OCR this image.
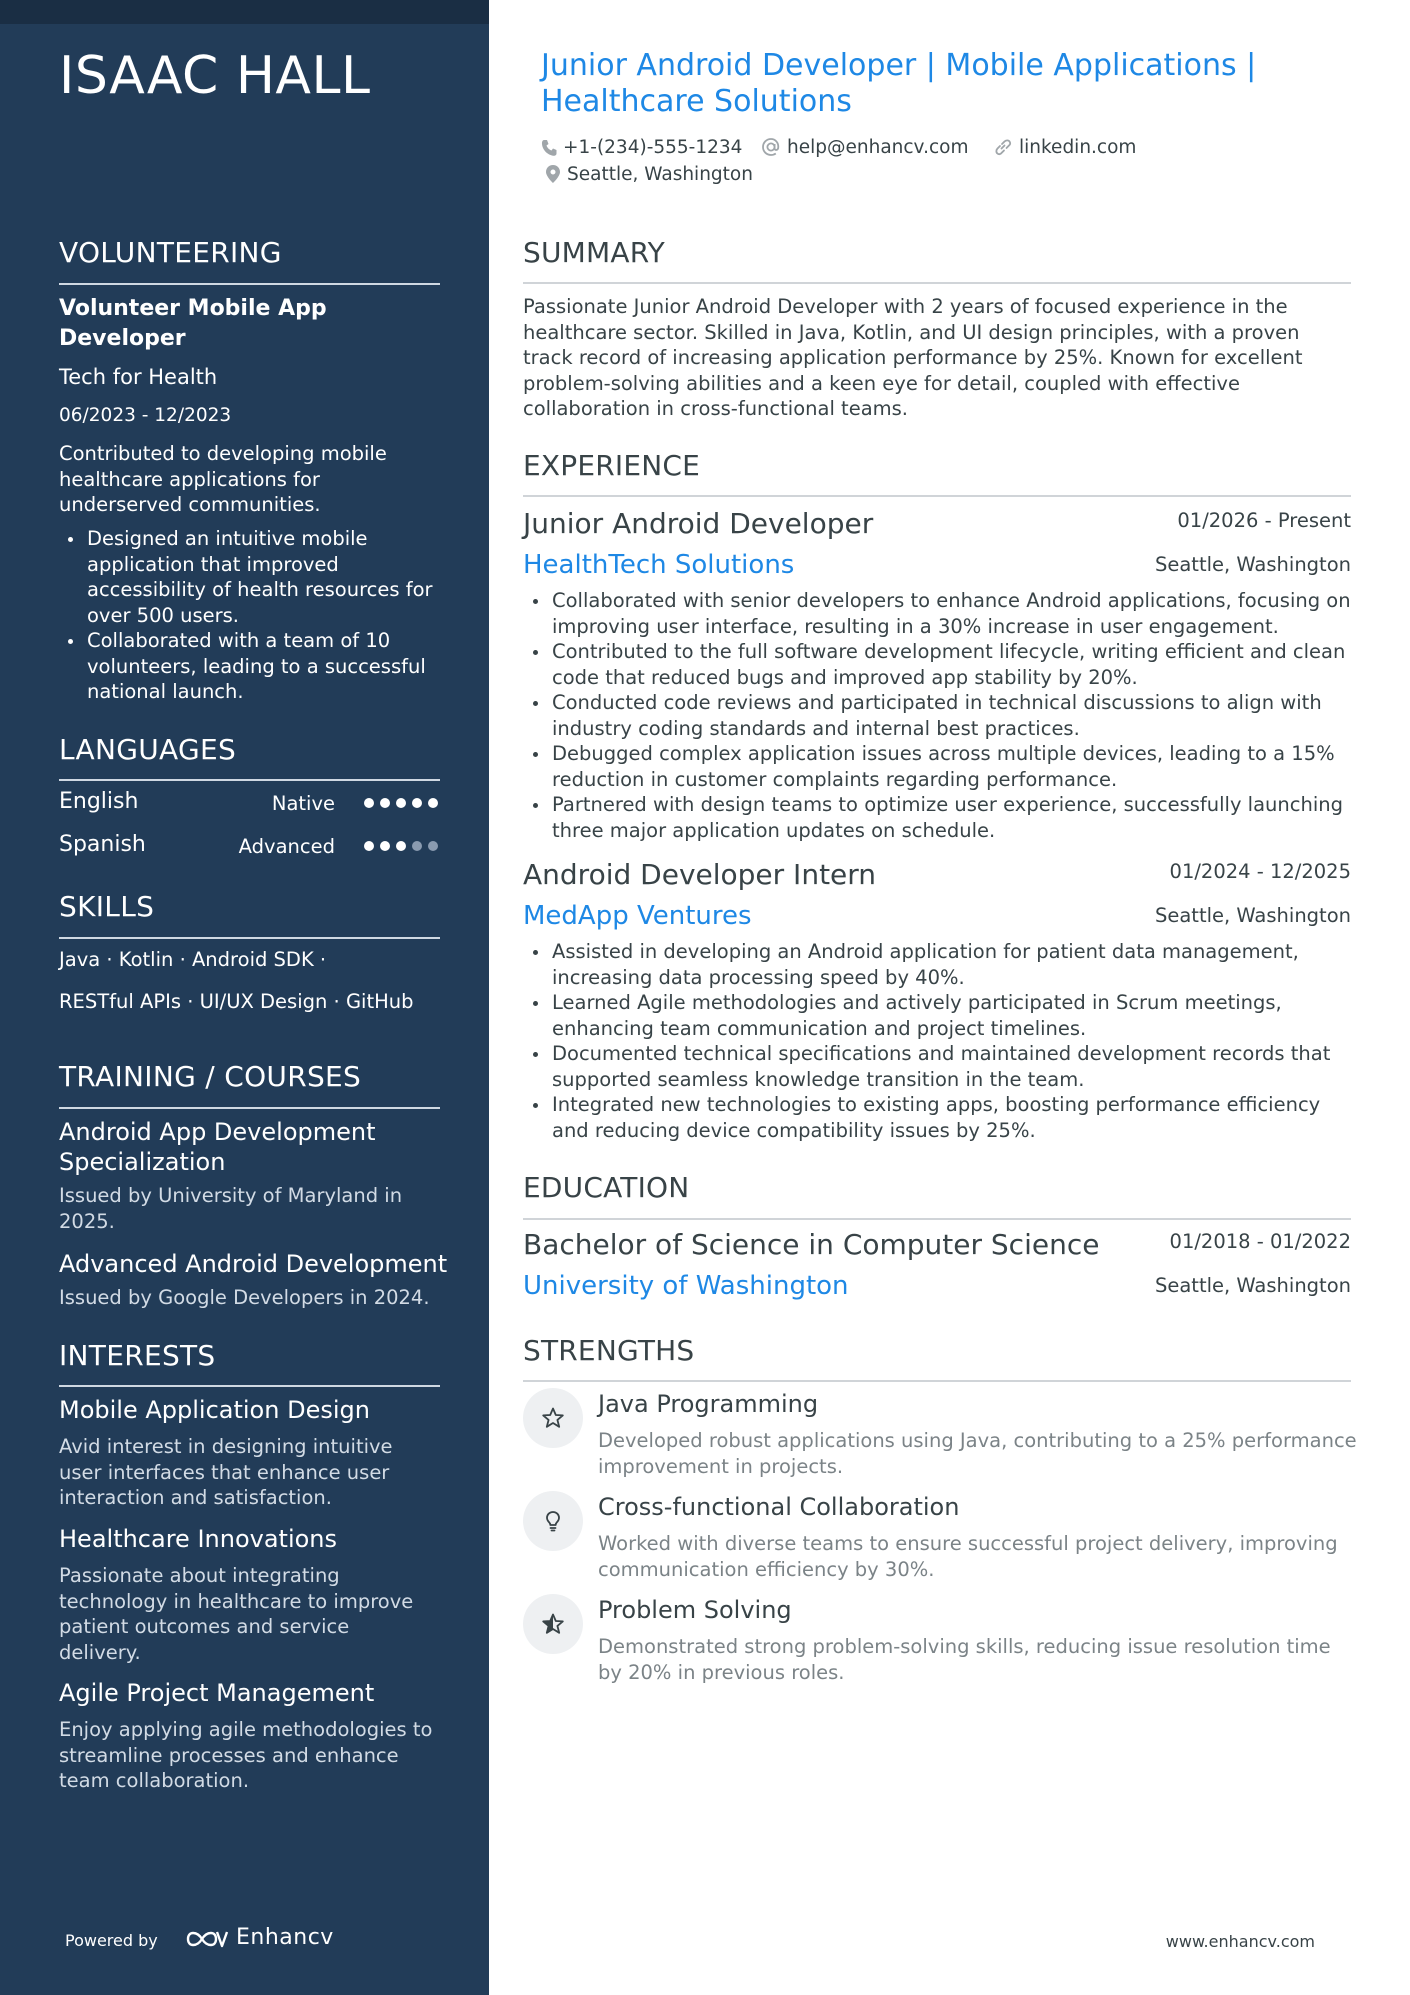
ISAAC HALL
VOLUNTEERING
Volunteer Mobile App Developer
Tech for Health
06/2023 - 12/2023
Contributed to developing mobile healthcare applications for underserved communities.
Designed an intuitive mobile application that improved accessibility of health resources for over 500 users.
Collaborated with a team of 10 volunteers, leading to a successful national launch.
LANGUAGES
English	Native
Spanish	Advanced
SKILLS
Java · Kotlin · Android SDK ·
RESTful APIs · UI/UX Design · GitHub
TRAINING / COURSES
Android App Development Specialization
Issued by University of Maryland in 2025.
Advanced Android Development
Issued by Google Developers in 2024.
INTERESTS
Mobile Application Design
Avid interest in designing intuitive user interfaces that enhance user interaction and satisfaction.
Healthcare Innovations
Passionate about integrating technology in healthcare to improve patient outcomes and service delivery.
Agile Project Management
Enjoy applying agile methodologies to streamline processes and enhance team collaboration.
Powered by	Enhancv
Junior Android Developer | Mobile Applications | Healthcare Solutions
+1-(234)-555-1234	help@enhancv.com	linkedin.com
Seattle, Washington
SUMMARY
Passionate Junior Android Developer with 2 years of focused experience in the healthcare sector. Skilled in Java, Kotlin, and UI design principles, with a proven track record of increasing application performance by 25%. Known for excellent problem-solving abilities and a keen eye for detail, coupled with effective collaboration in cross-functional teams.
EXPERIENCE
Junior Android Developer	01/2026 - Present
HealthTech Solutions	Seattle, Washington
Collaborated with senior developers to enhance Android applications, focusing on improving user interface, resulting in a 30% increase in user engagement.
Contributed to the full software development lifecycle, writing efficient and clean code that reduced bugs and improved app stability by 20%.
Conducted code reviews and participated in technical discussions to align with industry coding standards and internal best practices.
Debugged complex application issues across multiple devices, leading to a 15% reduction in customer complaints regarding performance.
Partnered with design teams to optimize user experience, successfully launching three major application updates on schedule.
Android Developer Intern	01/2024 - 12/2025
MedApp Ventures	Seattle, Washington
Assisted in developing an Android application for patient data management, increasing data processing speed by 40%.
Learned Agile methodologies and actively participated in Scrum meetings, enhancing team communication and project timelines.
Documented technical specifications and maintained development records that supported seamless knowledge transition in the team.
Integrated new technologies to existing apps, boosting performance efficiency and reducing device compatibility issues by 25%.
EDUCATION
Bachelor of Science in Computer Science	01/2018 - 01/2022
University of Washington	Seattle, Washington
STRENGTHS
Java Programming
Developed robust applications using Java, contributing to a 25% performance improvement in projects.
Cross-functional Collaboration
Worked with diverse teams to ensure successful project delivery, improving communication efficiency by 30%.
Problem Solving
Demonstrated strong problem-solving skills, reducing issue resolution time by 20% in previous roles.
www.enhancv.com
